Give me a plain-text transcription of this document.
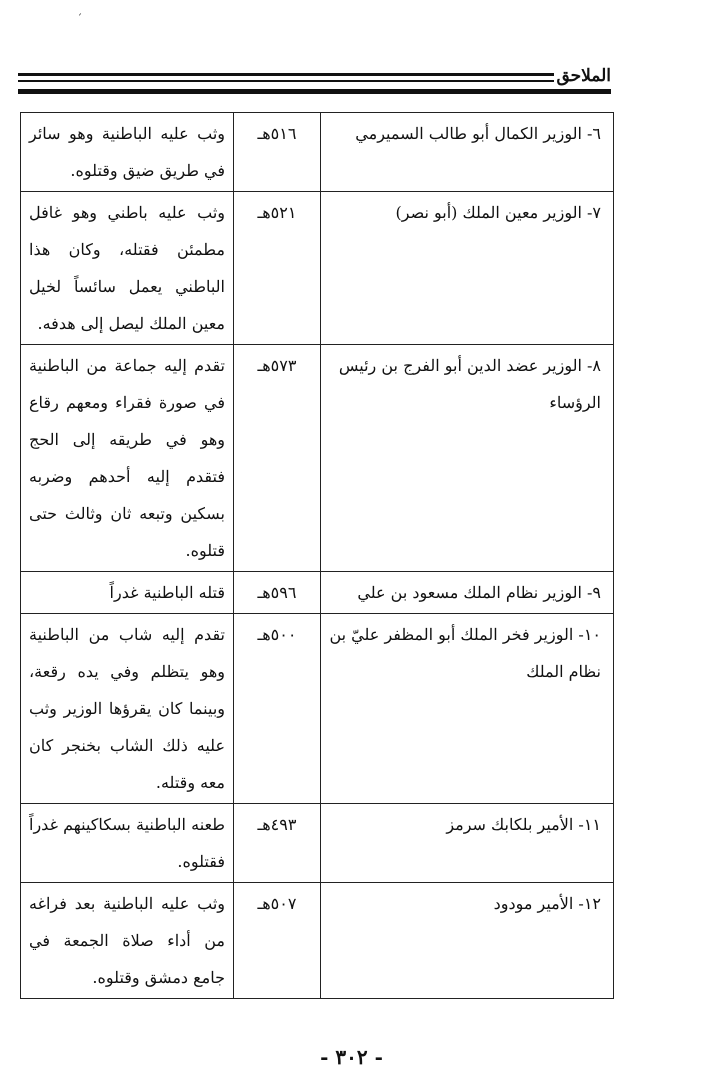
´
الملاحق
٦- الوزير الكمال أبو طالب السميرمي	٥١٦هـ	وثب عليه الباطنية وهو سائر في طريق ضيق وقتلوه.
٧- الوزير معين الملك (أبو نصر)	٥٢١هـ	وثب عليه باطني وهو غافل مطمئن فقتله، وكان هذا الباطني يعمل سائساً لخيل معين الملك ليصل إلى هدفه.
٨- الوزير عضد الدين أبو الفرج بن رئيس الرؤساء	٥٧٣هـ	تقدم إليه جماعة من الباطنية في صورة فقراء ومعهم رقاع وهو في طريقه إلى الحج فتقدم إليه أحدهم وضربه بسكين وتبعه ثان وثالث حتى قتلوه.
٩- الوزير نظام الملك مسعود بن علي	٥٩٦هـ	قتله الباطنية غدراً
١٠- الوزير فخر الملك أبو المظفر عليّ بن نظام الملك	٥٠٠هـ	تقدم إليه شاب من الباطنية وهو يتظلم وفي يده رقعة، وبينما كان يقرؤها الوزير وثب عليه ذلك الشاب بخنجر كان معه وقتله.
١١- الأمير بلكابك سرمز	٤٩٣هـ	طعنه الباطنية بسكاكينهم غدراً فقتلوه.
١٢- الأمير مودود	٥٠٧هـ	وثب عليه الباطنية بعد فراغه من أداء صلاة الجمعة في جامع دمشق وقتلوه.
- ٣٠٢ -
